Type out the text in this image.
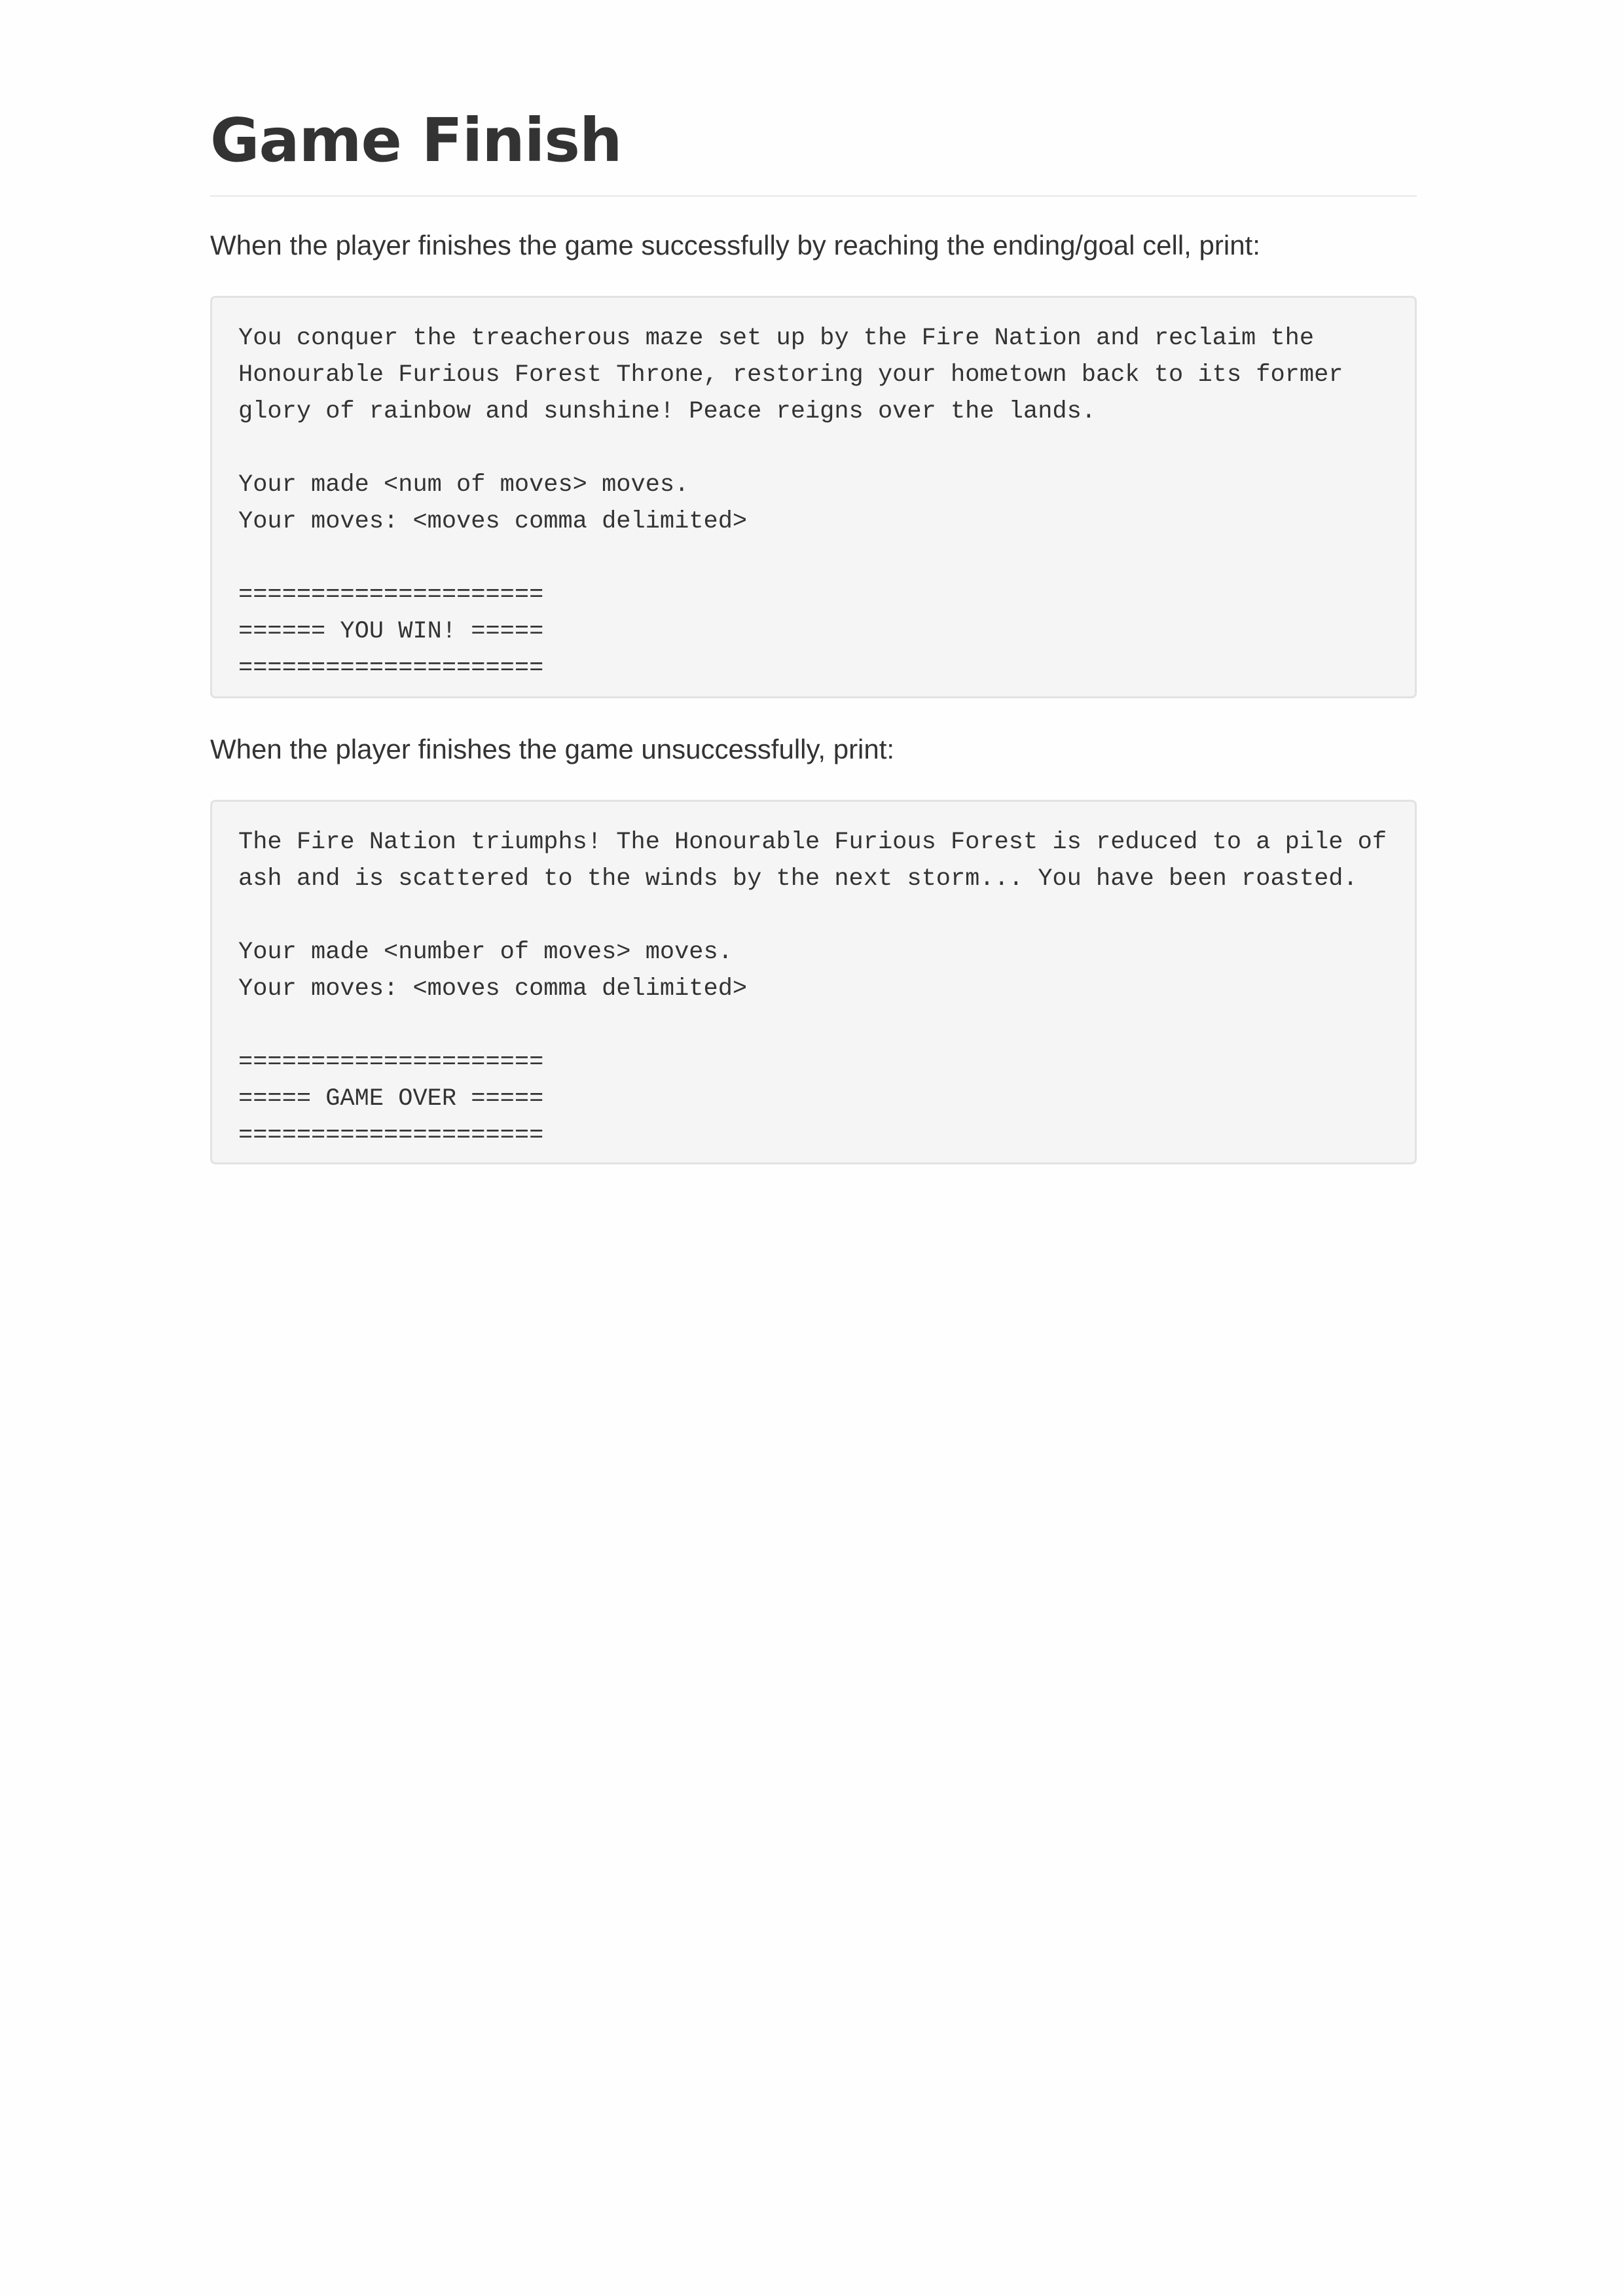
Game Finish

When the player finishes the game successfully by reaching the ending/goal cell, print:

You conquer the treacherous maze set up by the Fire Nation and reclaim the
Honourable Furious Forest Throne, restoring your hometown back to its former
glory of rainbow and sunshine! Peace reigns over the lands.

Your made <num of moves> moves.
Your moves: <moves comma delimited>

=====================
====== YOU WIN! =====
=====================

When the player finishes the game unsuccessfully, print:

The Fire Nation triumphs! The Honourable Furious Forest is reduced to a pile of
ash and is scattered to the winds by the next storm... You have been roasted.

Your made <number of moves> moves.
Your moves: <moves comma delimited>

=====================
===== GAME OVER =====
=====================
